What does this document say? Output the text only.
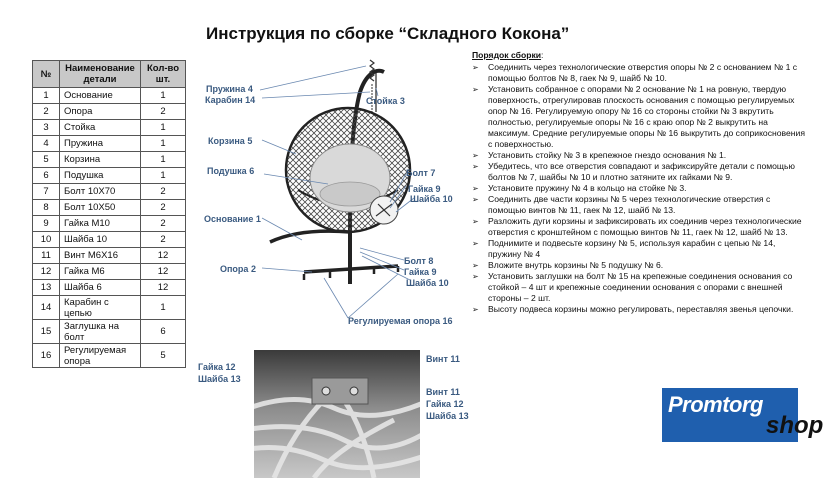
Инструкция по сборке “Складного Кокона”
№	Наименование детали	Кол-во шт.
1	Основание	1
2	Опора	2
3	Стойка	1
4	Пружина	1
5	Корзина	1
6	Подушка	1
7	Болт 10Х70	2
8	Болт 10Х50	2
9	Гайка М10	2
10	Шайба 10	2
11	Винт М6Х16	12
12	Гайка М6	12
13	Шайба 6	12
14	Карабин с цепью	1
15	Заглушка на болт	6
16	Регулируемая опора	5
Пружина 4
Карабин 14	Стойка 3
Корзина 5
Подушка 6	Болт 7
Гайка 9
Шайба 10
Основание 1
Опора 2
Болт 8
Гайка 9
Шайба 10
Регулируемая опора 16
Гайка 12
Шайба 13
Винт 11
Винт 11
Гайка 12
Шайба 13
Порядок сборки:
➢ Соединить через технологические отверстия опоры № 2 с основанием № 1 с помощью болтов № 8, гаек № 9, шайб № 10.
➢ Установить собранное с опорами № 2 основание № 1 на ровную, твердую поверхность, отрегулировав плоскость основания с помощью регулируемых опор № 16. Регулируемую опору № 16 со стороны стойки № 3 вкрутить полностью, регулируемые опоры № 16 с краю опор № 2 выкрутить на максимум. Средние регулируемые опоры № 16 выкрутить до соприкосновения с поверхностью.
➢ Установить стойку № 3 в крепежное гнездо основания № 1.
➢ Убедитесь, что все отверстия совпадают и зафиксируйте детали с помощью болтов № 7, шайбы № 10 и плотно затяните их гайками № 9.
➢ Установите пружину № 4 в кольцо на стойке № 3.
➢ Соединить две части корзины № 5 через технологические отверстия с помощью винтов № 11, гаек № 12, шайб № 13.
➢ Разложить дуги корзины и зафиксировать их соединив через технологические отверстия с кронштейном с помощью винтов № 11, гаек № 12, шайб № 13.
➢ Поднимите и подвесьте корзину № 5, используя карабин с цепью № 14, пружину № 4
➢ Вложите внутрь корзины № 5 подушку № 6.
➢ Установить заглушки на болт № 15 на крепежные соединения основания со стойкой – 4 шт и крепежные соединении основания с опорами с внешней стороны – 2 шт.
➢ Высоту подвеса корзины можно регулировать, переставляя звенья цепочки.
Promtorg
shop
